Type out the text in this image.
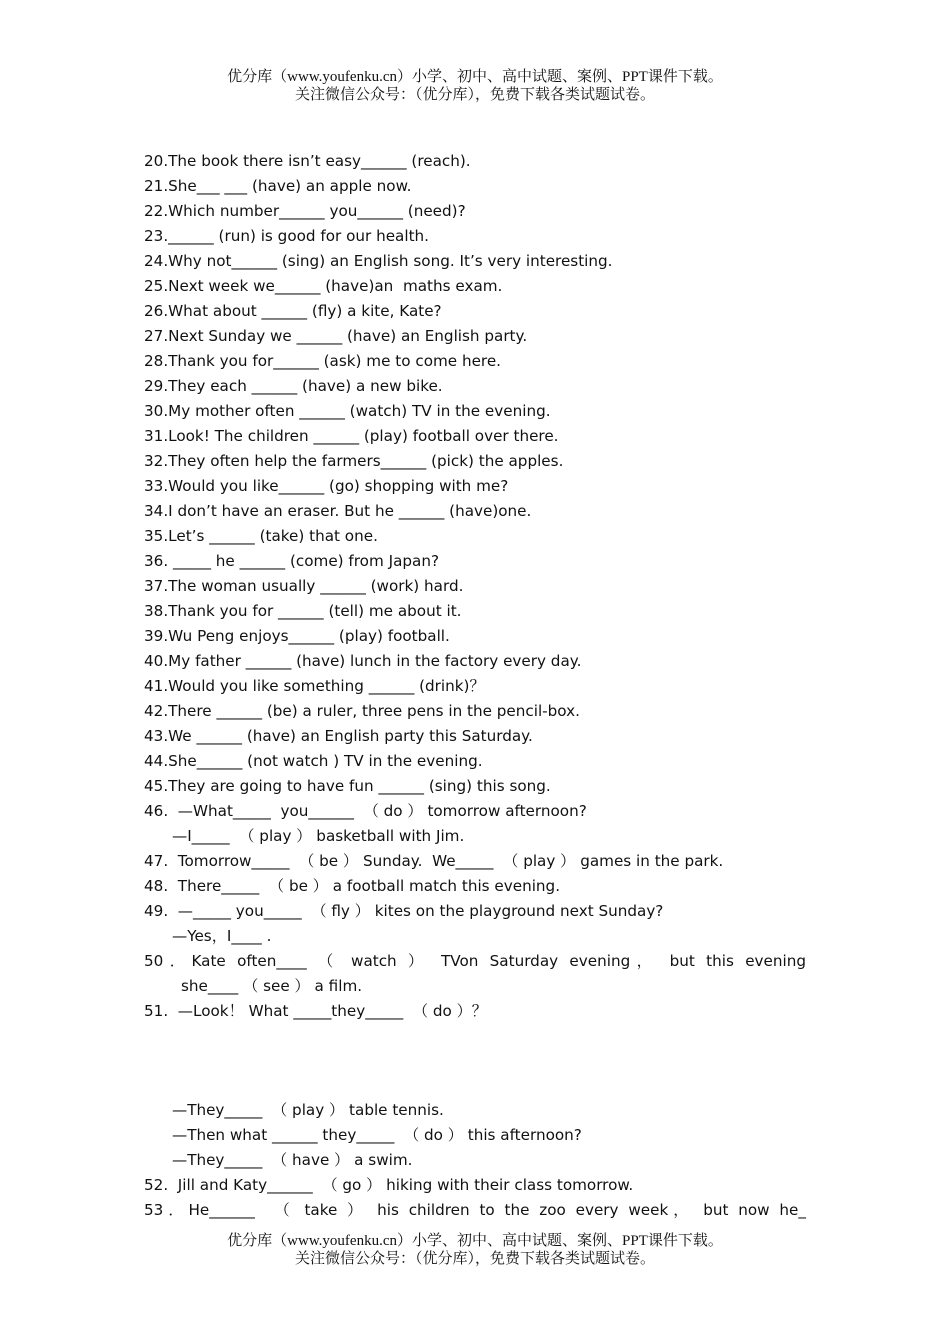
优分库（www.youfenku.cn）小学、初中、高中试题、案例、PPT课件下载。
关注微信公众号：（优分库），免费下载各类试题试卷。
20.The book there isn’t easy______ (reach).
21.She___ ___ (have) an apple now.
22.Which number______ you______ (need)?
23.______ (run) is good for our health.
24.Why not______ (sing) an English song. It’s very interesting.
25.Next week we______ (have)an  maths exam.
26.What about ______ (fly) a kite, Kate?
27.Next Sunday we ______ (have) an English party.
28.Thank you for______ (ask) me to come here.
29.They each ______ (have) a new bike.
30.My mother often ______ (watch) TV in the evening.
31.Look! The children ______ (play) football over there.
32.They often help the farmers______ (pick) the apples.
33.Would you like______ (go) shopping with me?
34.I don’t have an eraser. But he ______ (have)one.
35.Let’s ______ (take) that one.
36. _____ he ______ (come) from Japan?
37.The woman usually ______ (work) hard.
38.Thank you for ______ (tell) me about it.
39.Wu Peng enjoys______ (play) football.
40.My father ______ (have) lunch in the factory every day.
41.Would you like something ______ (drink)？
42.There ______ (be) a ruler, three pens in the pencil-box.
43.We ______ (have) an English party this Saturday.
44.She______ (not watch ) TV in the evening.
45.They are going to have fun ______ (sing) this song.
46.  —What_____  you______  （ do ） tomorrow afternoon?
—I_____  （ play ） basketball with Jim.
47.  Tomorrow_____  （ be ） Sunday.  We_____  （ play ） games in the park.
48.  There_____  （ be ） a football match this evening.
49.  —_____ you_____  （ fly ） kites on the playground next Sunday?
—Yes，I____ .
50．Kate often____ （ watch ） TVon Saturday evening， but this evening
she____ （ see ） a film.
51.  —Look！ What _____they_____  （ do ）？
—They_____  （ play ） table tennis.
—Then what ______ they_____  （ do ） this afternoon?
—They_____  （ have ） a swim.
52.  Jill and Katy______  （ go ） hiking with their class tomorrow.
53．He______  （ take ） his children to the zoo every week， but now he_
优分库（www.youfenku.cn）小学、初中、高中试题、案例、PPT课件下载。
关注微信公众号：（优分库），免费下载各类试题试卷。
